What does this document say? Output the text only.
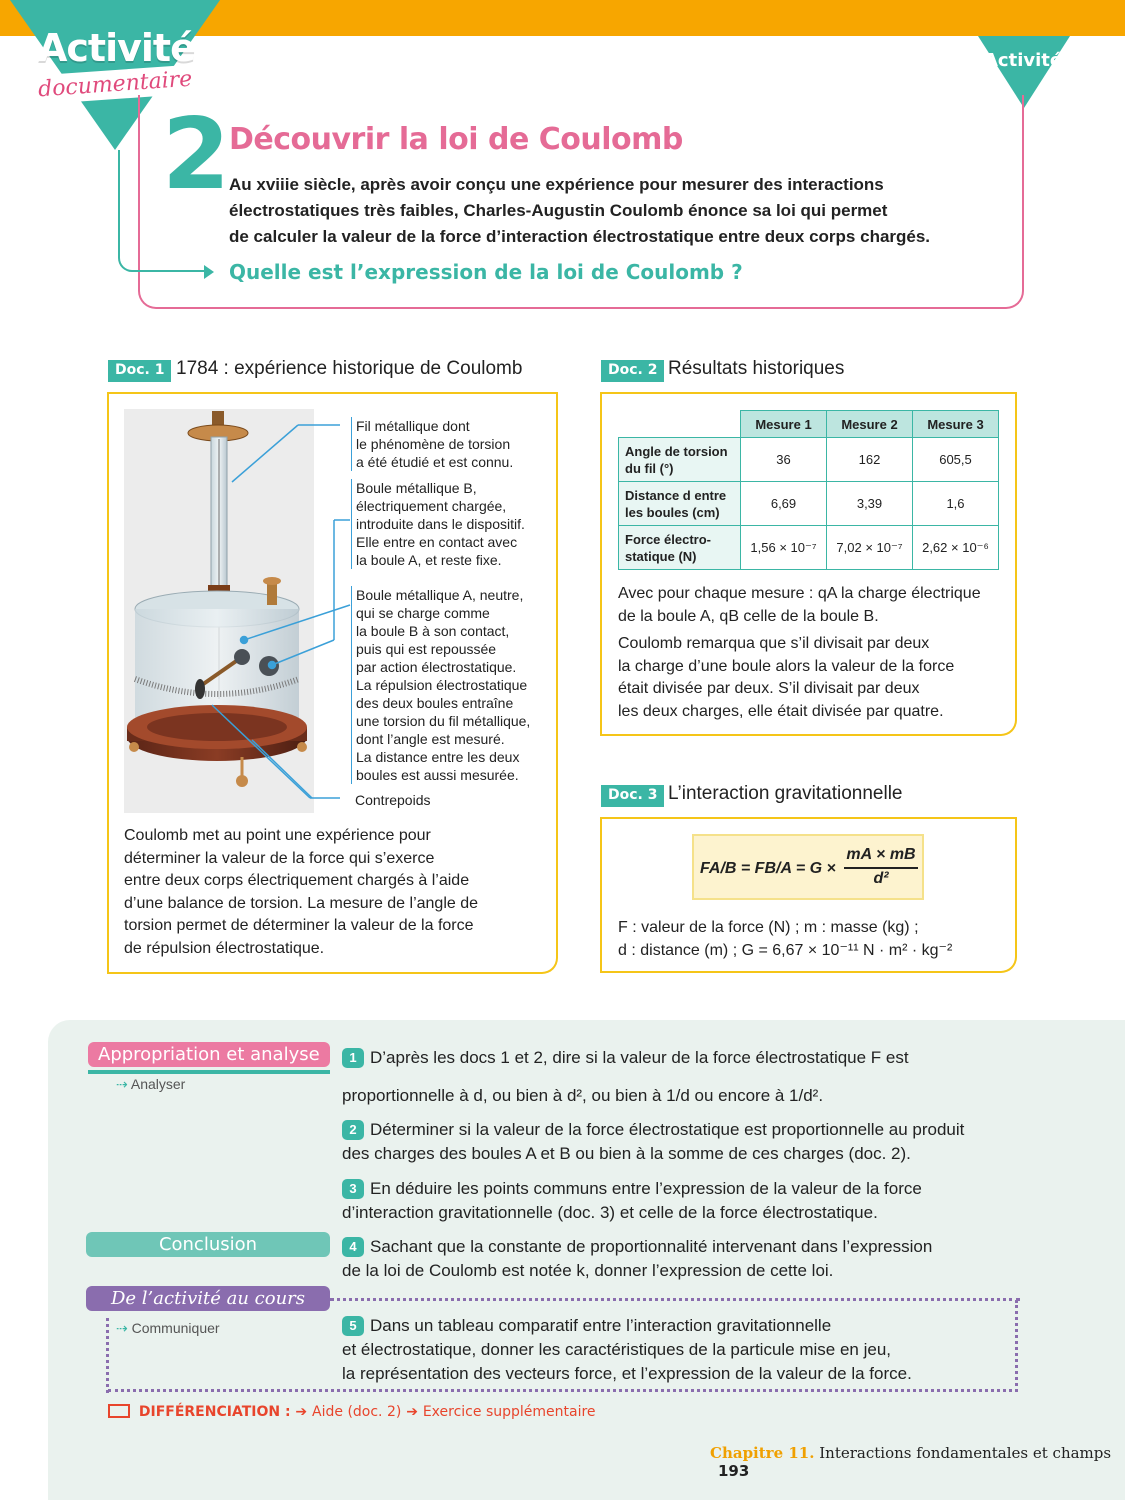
Activité
documentaire
Activité
2
Découvrir la loi de Coulomb
Au xviiie siècle, après avoir conçu une expérience pour mesurer des interactions
électrostatiques très faibles, Charles-Augustin Coulomb énonce sa loi qui permet
de calculer la valeur de la force d’interaction électrostatique entre deux corps chargés.
Quelle est l’expression de la loi de Coulomb ?
Doc. 1 1784 : expérience historique de Coulomb
Fil métallique dont
le phénomène de torsion
a été étudié et est connu.
Boule métallique B,
électriquement chargée,
introduite dans le dispositif.
Elle entre en contact avec
la boule A, et reste fixe.
Boule métallique A, neutre,
qui se charge comme
la boule B à son contact,
puis qui est repoussée
par action électrostatique.
La répulsion électrostatique
des deux boules entraîne
une torsion du fil métallique,
dont l’angle est mesuré.
La distance entre les deux
boules est aussi mesurée.
Contrepoids
Coulomb met au point une expérience pour
déterminer la valeur de la force qui s’exerce
entre deux corps électriquement chargés à l’aide
d’une balance de torsion. La mesure de l’angle de
torsion permet de déterminer la valeur de la force
de répulsion électrostatique.
Doc. 2 Résultats historiques
	Mesure 1	Mesure 2	Mesure 3

Angle de torsion
du fil (°)	36	162	605,5

Distance d entre
les boules (cm)	6,69	3,39	1,6

Force électro-
statique (N)	1,56 × 10⁻⁷	7,02 × 10⁻⁷	2,62 × 10⁻⁶
Avec pour chaque mesure : qA la charge électrique
de la boule A, qB celle de la boule B.
Coulomb remarqua que s’il divisait par deux
la charge d’une boule alors la valeur de la force
était divisée par deux. S’il divisait par deux
les deux charges, elle était divisée par quatre.
Doc. 3 L’interaction gravitationnelle
FA/B = FB/A = G ×
mA × mB
d²
F : valeur de la force (N) ; m : masse (kg) ;
d : distance (m) ; G = 6,67 × 10⁻¹¹ N · m² · kg⁻²
Appropriation et analyse
⇢ Analyser
Conclusion
De l’activité au cours
⇢ Communiquer
1 D’après les docs 1 et 2, dire si la valeur de la force électrostatique F est
proportionnelle à d, ou bien à d², ou bien à 1/d ou encore à 1/d².
2 Déterminer si la valeur de la force électrostatique est proportionnelle au produit
des charges des boules A et B ou bien à la somme de ces charges (doc. 2).
3 En déduire les points communs entre l’expression de la valeur de la force
d’interaction gravitationnelle (doc. 3) et celle de la force électrostatique.
4 Sachant que la constante de proportionnalité intervenant dans l’expression
de la loi de Coulomb est notée k, donner l’expression de cette loi.
5 Dans un tableau comparatif entre l’interaction gravitationnelle
et électrostatique, donner les caractéristiques de la particule mise en jeu,
la représentation des vecteurs force, et l’expression de la valeur de la force.
DIFFÉRENCIATION : ➔ Aide (doc. 2) ➔ Exercice supplémentaire
Chapitre 11. Interactions fondamentales et champs 193
